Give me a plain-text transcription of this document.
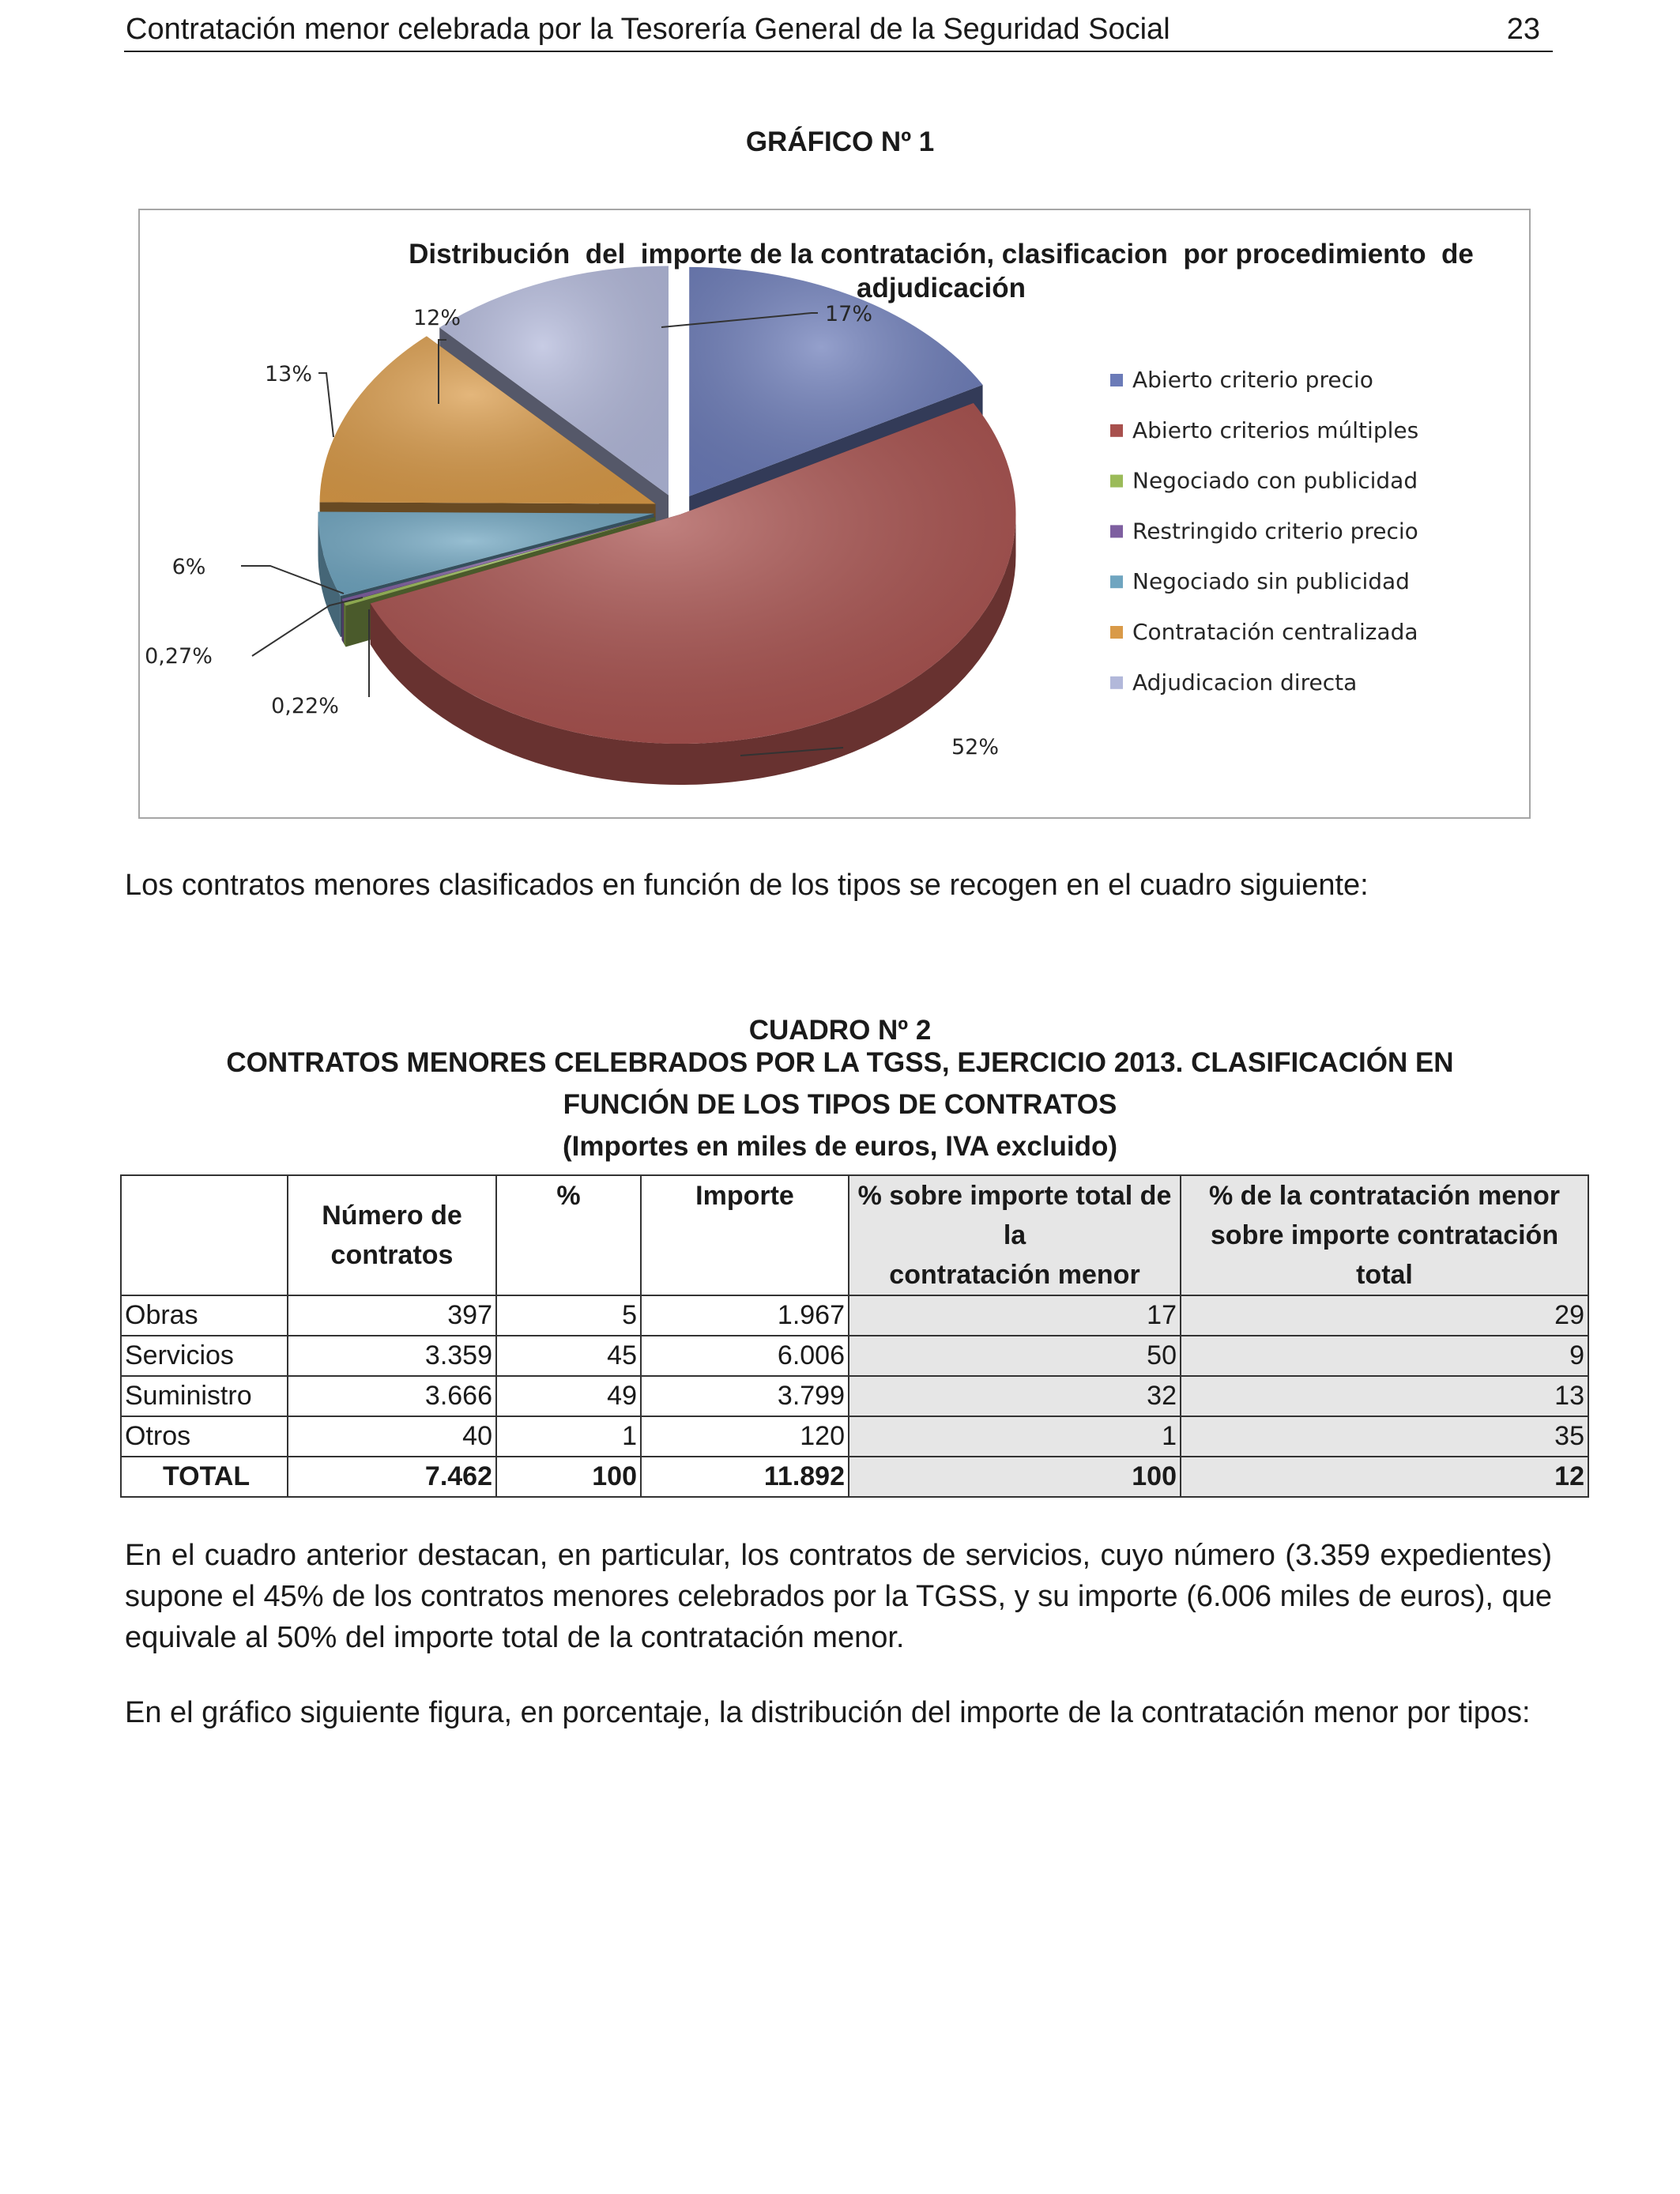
Contratación menor celebrada por la Tesorería General de la Seguridad Social	23
GRÁFICO Nº 1
Distribución  del  importe de la contratación, clasificacion  por procedimiento  de
adjudicación
17%
52%
0,22%
0,27%
6%
13%
12%
Abierto criterio precio
Abierto criterios múltiples
Negociado con publicidad
Restringido criterio precio
Negociado sin publicidad
Contratación centralizada
Adjudicacion directa
Los contratos menores clasificados en función de los tipos se recogen en el cuadro siguiente:
CUADRO Nº 2
CONTRATOS MENORES CELEBRADOS POR LA TGSS, EJERCICIO 2013. CLASIFICACIÓN EN
FUNCIÓN DE LOS TIPOS DE CONTRATOS
(Importes en miles de euros, IVA excluido)
	Número de
contratos	%	Importe	% sobre importe total de la
contratación menor	% de la contratación menor
sobre importe contratación total
Obras	397	5	1.967	17	29
Servicios	3.359	45	6.006	50	9
Suministro	3.666	49	3.799	32	13
Otros	40	1	120	1	35
TOTAL	7.462	100	11.892	100	12
En el cuadro anterior destacan, en particular, los contratos de servicios, cuyo número (3.359 expedientes) supone el 45% de los contratos menores celebrados por la TGSS, y su importe (6.006 miles de euros), que equivale al 50% del importe total de la contratación menor.
En el gráfico siguiente figura, en porcentaje, la distribución del importe de la contratación menor por tipos:
